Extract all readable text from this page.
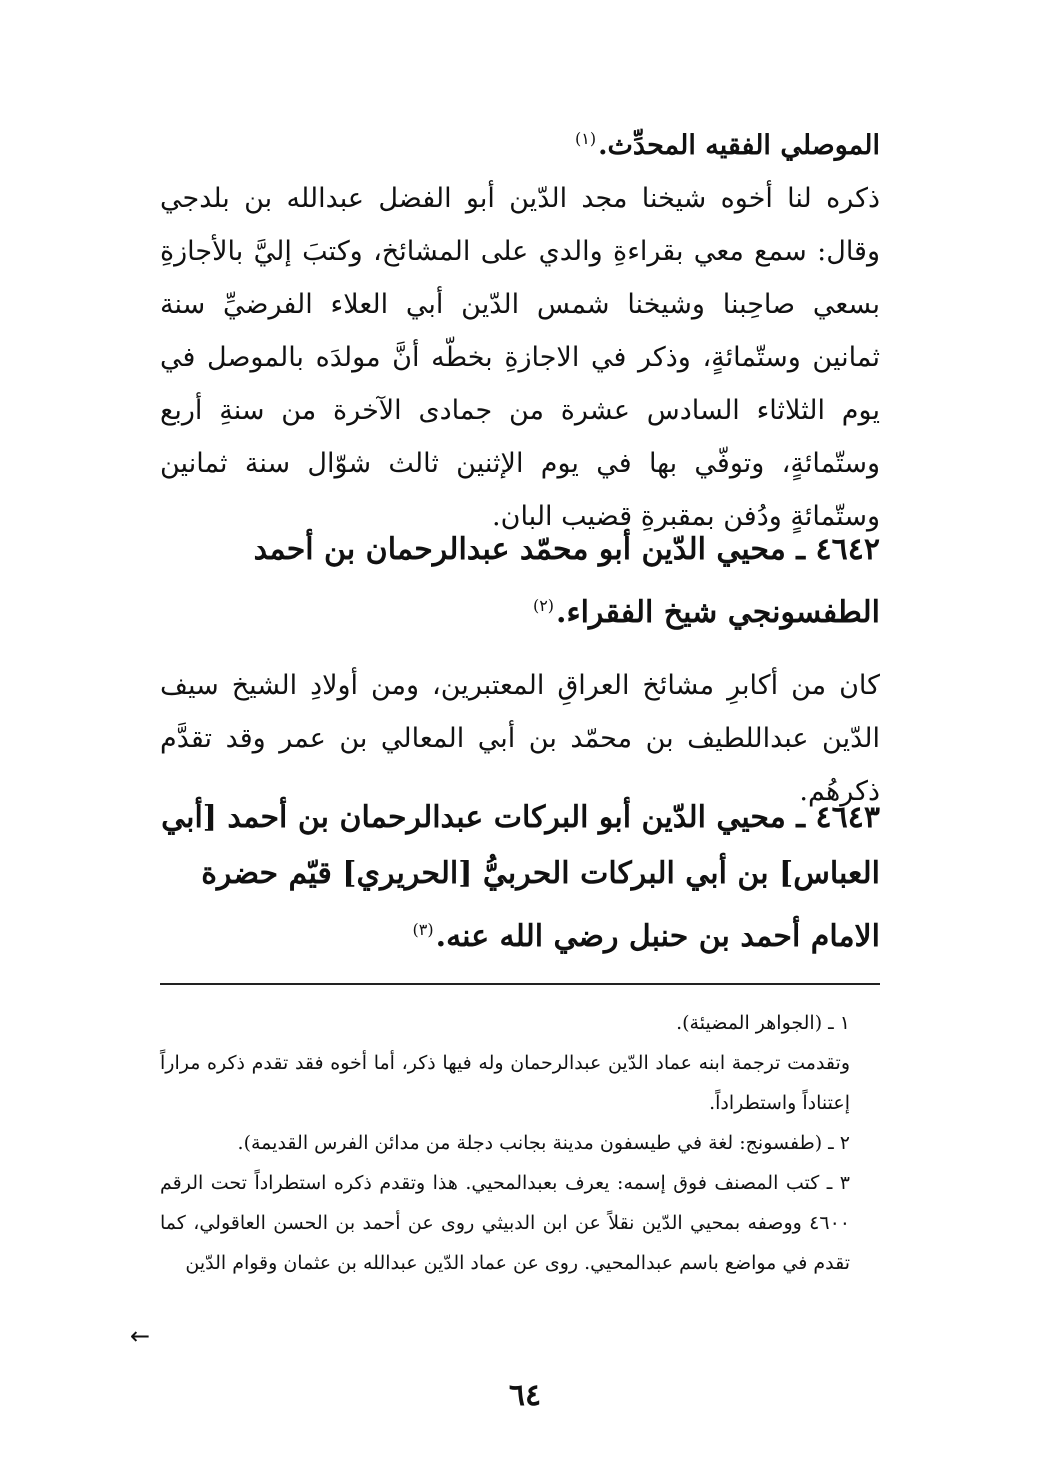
الموصلي الفقيه المحدِّث.$^{(١)}$
ذكره لنا أخوه شيخنا مجد الدّين أبو الفضل عبدالله بن بلدجي وقال: سمع معي بقراءةِ والدي على المشائخ، وكتبَ إليَّ بالأجازةِ بسعي صاحِبنا وشيخنا شمس الدّين أبي العلاء الفرضيِّ سنة ثمانين وستّمائةٍ، وذكر في الاجازةِ بخطّه أنَّ مولدَه بالموصل في يوم الثلاثاء السادس عشرة من جمادى الآخرة من سنةِ أربع وستّمائةٍ، وتوفّي بها في يوم الإثنين ثالث شوّال سنة ثمانين وستّمائةٍ ودُفن بمقبرةِ قضيب البان.
٤٦٤٢ ـ محيي الدّين أبو محمّد عبدالرحمان بن أحمد الطفسونجي شيخ الفقراء.$^{(٢)}$
كان من أكابرِ مشائخ العراقِ المعتبرين، ومن أولادِ الشيخ سيف الدّين عبداللطيف بن محمّد بن أبي المعالي بن عمر وقد تقدَّم ذكرهُم.
٤٦٤٣ ـ محيي الدّين أبو البركات عبدالرحمان بن أحمد [أبي العباس] بن أبي البركات الحربيُّ [الحريري] قيّم حضرة الامام أحمد بن حنبل رضي الله عنه.$^{(٣)}$

١ ـ (الجواهر المضيئة).

وتقدمت ترجمة ابنه عماد الدّين عبدالرحمان وله فيها ذكر، أما أخوه فقد تقدم ذكره مراراً إعتناداً واستطراداً.

٢ ـ (طفسونج: لغة في طيسفون مدينة بجانب دجلة من مدائن الفرس القديمة).

٣ ـ كتب المصنف فوق إسمه: يعرف بعبدالمحيي. هذا وتقدم ذكره استطراداً تحت الرقم ٤٦٠٠ ووصفه بمحيي الدّين نقلاً عن ابن الدبيثي روى عن أحمد بن الحسن العاقولي، كما تقدم في مواضع باسم عبدالمحيي. روى عن عماد الدّين عبدالله بن عثمان وقوام الدّين

←
٦٤
